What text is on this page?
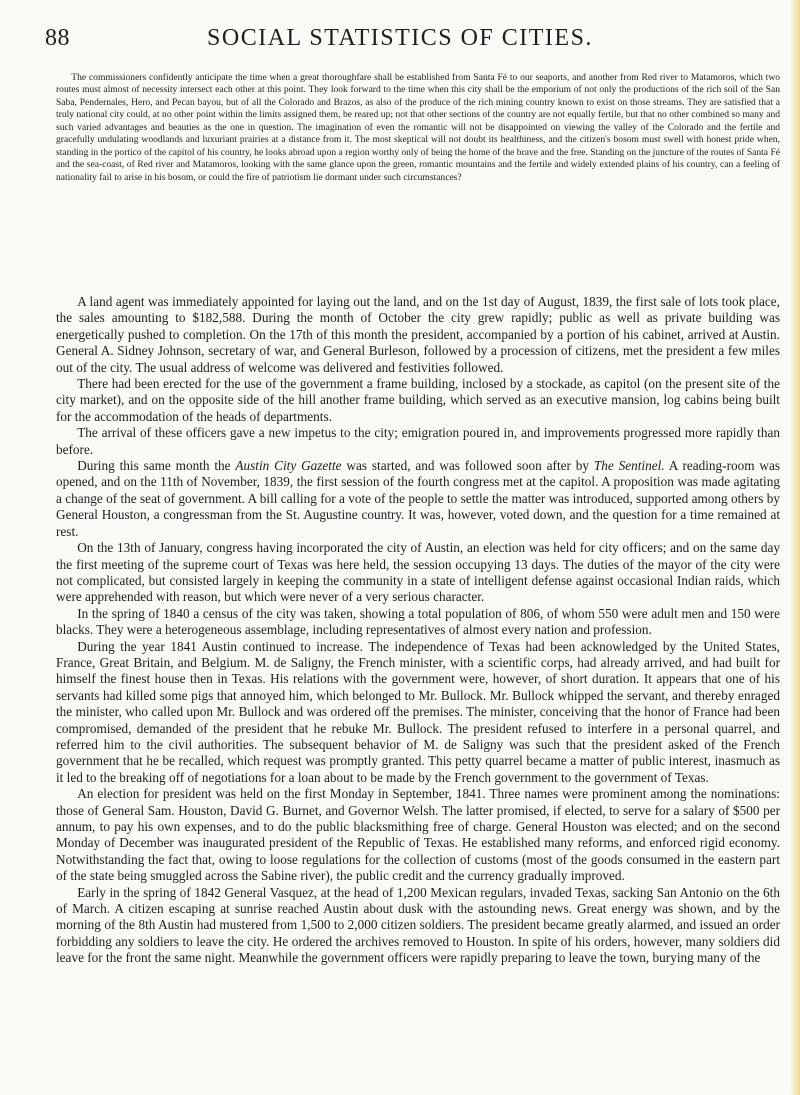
88	SOCIAL STATISTICS OF CITIES.
The commissioners confidently anticipate the time when a great thoroughfare shall be established from Santa Fé to our seaports, and another from Red river to Matamoros, which two routes must almost of necessity intersect each other at this point. They look forward to the time when this city shall be the emporium of not only the productions of the rich soil of the San Saba, Pendernales, Hero, and Pecan bayou, but of all the Colorado and Brazos, as also of the produce of the rich mining country known to exist on those streams. They are satisfied that a truly national city could, at no other point within the limits assigned them, be reared up; not that other sections of the country are not equally fertile, but that no other combined so many and such varied advantages and beauties as the one in question. The imagination of even the romantic will not be disappointed on viewing the valley of the Colorado and the fertile and gracefully undulating woodlands and luxuriant prairies at a distance from it. The most skeptical will not doubt its healthiness, and the citizen's bosom must swell with honest pride when, standing in the portico of the capitol of his country, he looks abroad upon a region worthy only of being the home of the brave and the free. Standing on the juncture of the routes of Santa Fé and the sea-coast, of Red river and Matamoros, looking with the same glance upon the green, romantic mountains and the fertile and widely extended plains of his country, can a feeling of nationality fail to arise in his bosom, or could the fire of patriotism lie dormant under such circumstances?

A land agent was immediately appointed for laying out the land, and on the 1st day of August, 1839, the first sale of lots took place, the sales amounting to $182,588. During the month of October the city grew rapidly; public as well as private building was energetically pushed to completion. On the 17th of this month the president, accompanied by a portion of his cabinet, arrived at Austin. General A. Sidney Johnson, secretary of war, and General Burleson, followed by a procession of citizens, met the president a few miles out of the city. The usual address of welcome was delivered and festivities followed.

There had been erected for the use of the government a frame building, inclosed by a stockade, as capitol (on the present site of the city market), and on the opposite side of the hill another frame building, which served as an executive mansion, log cabins being built for the accommodation of the heads of departments.

The arrival of these officers gave a new impetus to the city; emigration poured in, and improvements progressed more rapidly than before.

During this same month the Austin City Gazette was started, and was followed soon after by The Sentinel. A reading-room was opened, and on the 11th of November, 1839, the first session of the fourth congress met at the capitol. A proposition was made agitating a change of the seat of government. A bill calling for a vote of the people to settle the matter was introduced, supported among others by General Houston, a congressman from the St. Augustine country. It was, however, voted down, and the question for a time remained at rest.

On the 13th of January, congress having incorporated the city of Austin, an election was held for city officers; and on the same day the first meeting of the supreme court of Texas was here held, the session occupying 13 days. The duties of the mayor of the city were not complicated, but consisted largely in keeping the community in a state of intelligent defense against occasional Indian raids, which were apprehended with reason, but which were never of a very serious character.

In the spring of 1840 a census of the city was taken, showing a total population of 806, of whom 550 were adult men and 150 were blacks. They were a heterogeneous assemblage, including representatives of almost every nation and profession.

During the year 1841 Austin continued to increase. The independence of Texas had been acknowledged by the United States, France, Great Britain, and Belgium. M. de Saligny, the French minister, with a scientific corps, had already arrived, and had built for himself the finest house then in Texas. His relations with the government were, however, of short duration. It appears that one of his servants had killed some pigs that annoyed him, which belonged to Mr. Bullock. Mr. Bullock whipped the servant, and thereby enraged the minister, who called upon Mr. Bullock and was ordered off the premises. The minister, conceiving that the honor of France had been compromised, demanded of the president that he rebuke Mr. Bullock. The president refused to interfere in a personal quarrel, and referred him to the civil authorities. The subsequent behavior of M. de Saligny was such that the president asked of the French government that he be recalled, which request was promptly granted. This petty quarrel became a matter of public interest, inasmuch as it led to the breaking off of negotiations for a loan about to be made by the French government to the government of Texas.

An election for president was held on the first Monday in September, 1841. Three names were prominent among the nominations: those of General Sam. Houston, David G. Burnet, and Governor Welsh. The latter promised, if elected, to serve for a salary of $500 per annum, to pay his own expenses, and to do the public blacksmithing free of charge. General Houston was elected; and on the second Monday of December was inaugurated president of the Republic of Texas. He established many reforms, and enforced rigid economy. Notwithstanding the fact that, owing to loose regulations for the collection of customs (most of the goods consumed in the eastern part of the state being smuggled across the Sabine river), the public credit and the currency gradually improved.

Early in the spring of 1842 General Vasquez, at the head of 1,200 Mexican regulars, invaded Texas, sacking San Antonio on the 6th of March. A citizen escaping at sunrise reached Austin about dusk with the astounding news. Great energy was shown, and by the morning of the 8th Austin had mustered from 1,500 to 2,000 citizen soldiers. The president became greatly alarmed, and issued an order forbidding any soldiers to leave the city. He ordered the archives removed to Houston. In spite of his orders, however, many soldiers did leave for the front the same night. Meanwhile the government officers were rapidly preparing to leave the town, burying many of the
